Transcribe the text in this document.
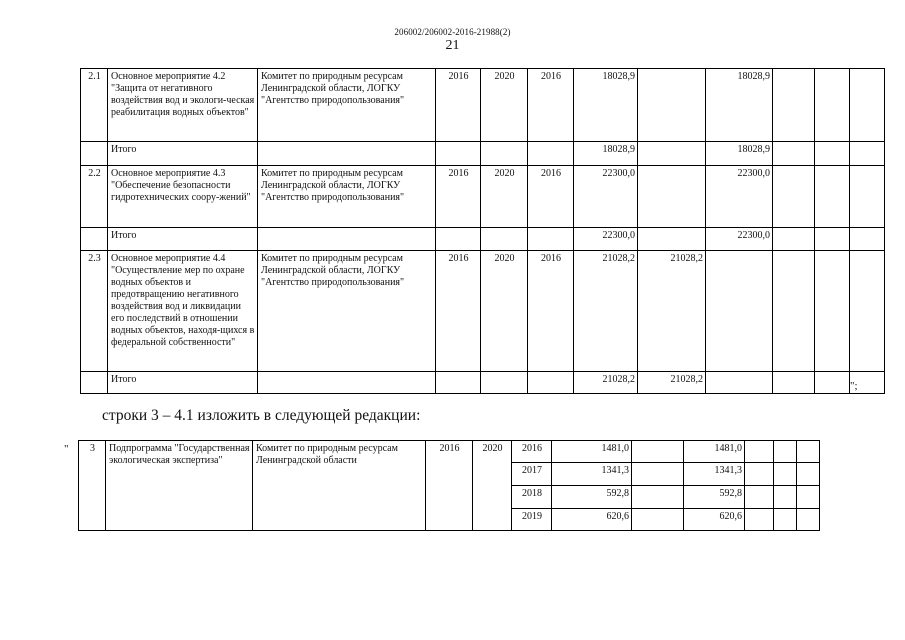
206002/206002-2016-21988(2)
21
2.1	Основное мероприятие 4.2 "Защита от негативного воздействия вод и экологи-ческая реабилитация водных объектов"	Комитет по природным ресурсам Ленинградской области, ЛОГКУ "Агентство природопользования"	2016	2020	2016	18028,9		18028,9			
	Итого					18028,9		18028,9			
2.2	Основное мероприятие 4.3 "Обеспечение безопасности гидротехнических соору-жений"	Комитет по природным ресурсам Ленинградской области, ЛОГКУ "Агентство природопользования"	2016	2020	2016	22300,0		22300,0			
	Итого					22300,0		22300,0			
2.3	Основное мероприятие 4.4 "Осуществление мер по охране водных объектов и предотвращению негативного воздействия вод и ликвидации его последствий в отношении водных объектов, находя-щихся в федеральной собственности"	Комитет по природным ресурсам Ленинградской области, ЛОГКУ "Агентство природопользования"	2016	2020	2016	21028,2	21028,2				
	Итого					21028,2	21028,2				
";
строки 3 – 4.1 изложить в следующей редакции:
" 3	Подпрограмма "Государственная экологическая экспертиза"	Комитет по природным ресурсам Ленинградской области	2016	2020	2016	1481,0		1481,0			
					2017	1341,3		1341,3			
					2018	592,8		592,8			
					2019	620,6		620,6			
